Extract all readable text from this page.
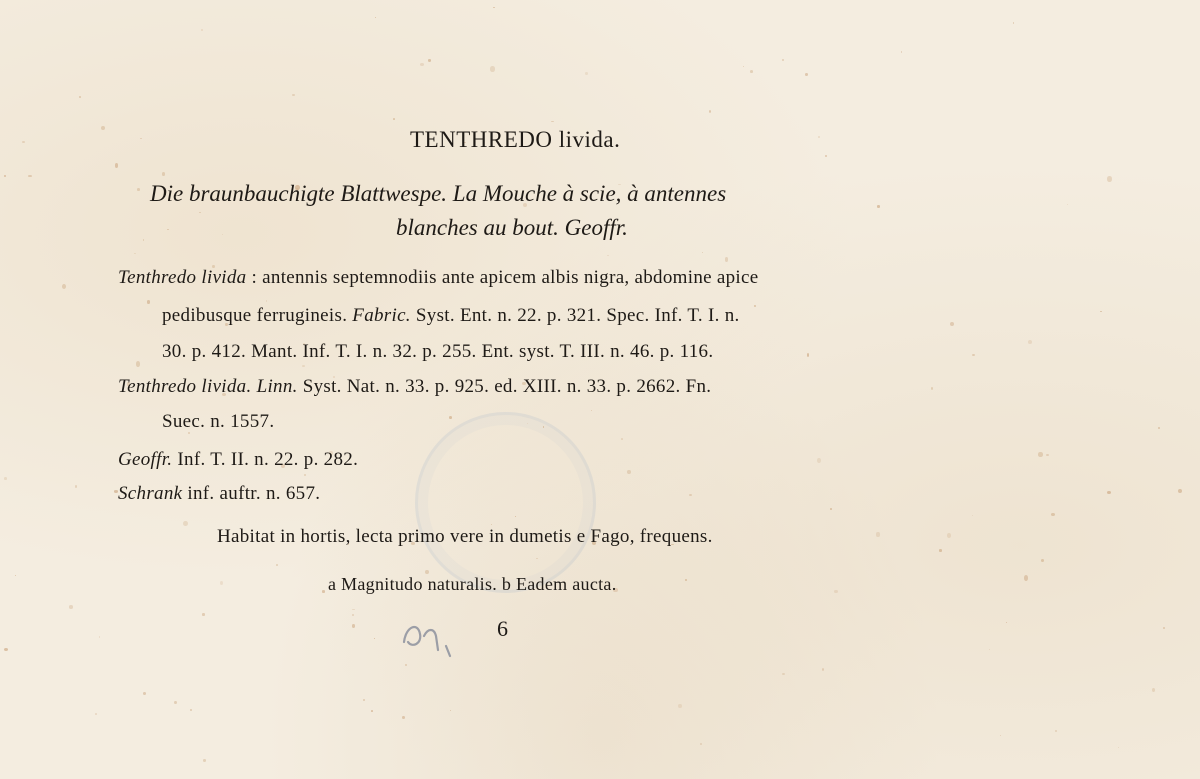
TENTHREDO livida.
Die braunbauchigte Blattwespe. La Mouche à scie, à antennes
blanches au bout. Geoffr.
Tenthredo livida : antennis septemnodiis ante apicem albis nigra, abdomine apice
pedibusque ferrugineis. Fabric. Syst. Ent. n. 22. p. 321. Spec. Inf. T. I. n.
30. p. 412. Mant. Inf. T. I. n. 32. p. 255. Ent. syst. T. III. n. 46. p. 116.
Tenthredo livida. Linn. Syst. Nat. n. 33. p. 925. ed. XIII. n. 33. p. 2662. Fn.
Suec. n. 1557.
Geoffr. Inf. T. II. n. 22. p. 282.
Schrank inf. auftr. n. 657.
Habitat in hortis, lecta primo vere in dumetis e Fago, frequens.
a Magnitudo naturalis. b Eadem aucta.
6
